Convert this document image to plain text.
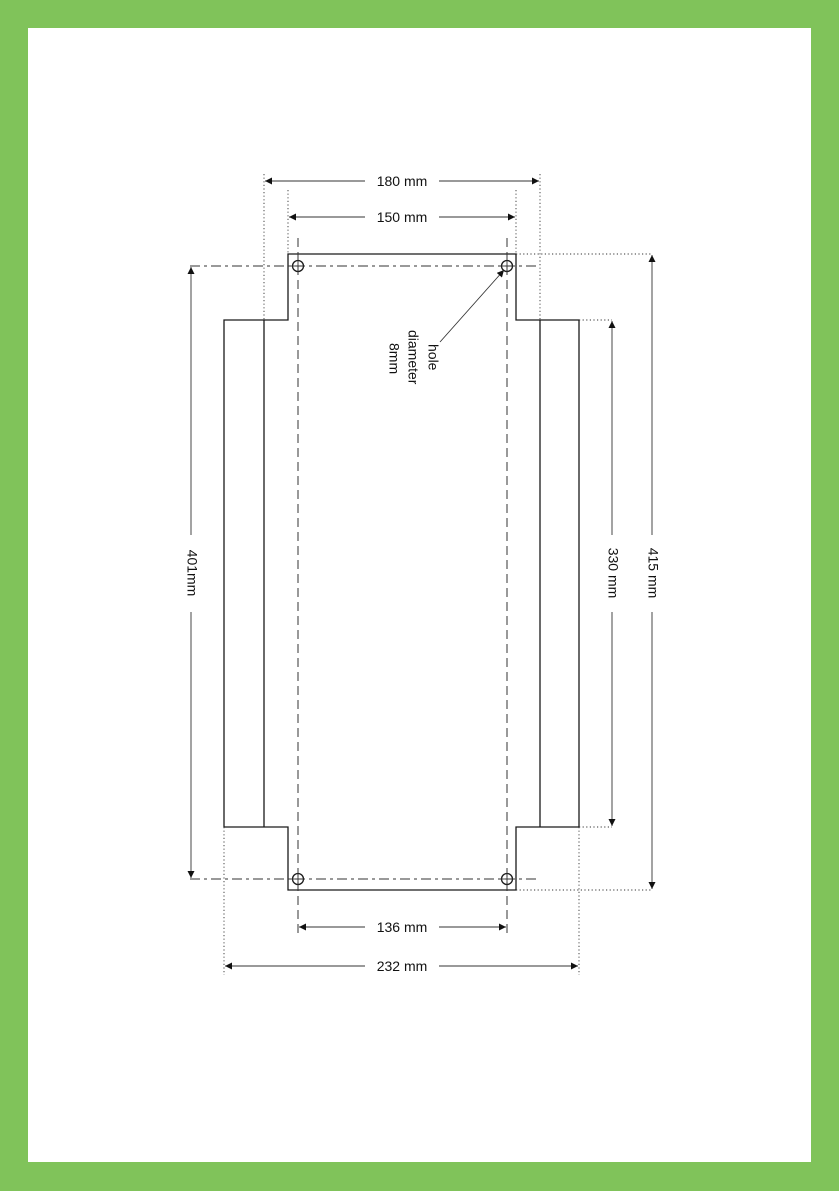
180 mm
150 mm
401mm	415 mm
330 mm
136 mm
232 mm
hole
diameter
8mm
